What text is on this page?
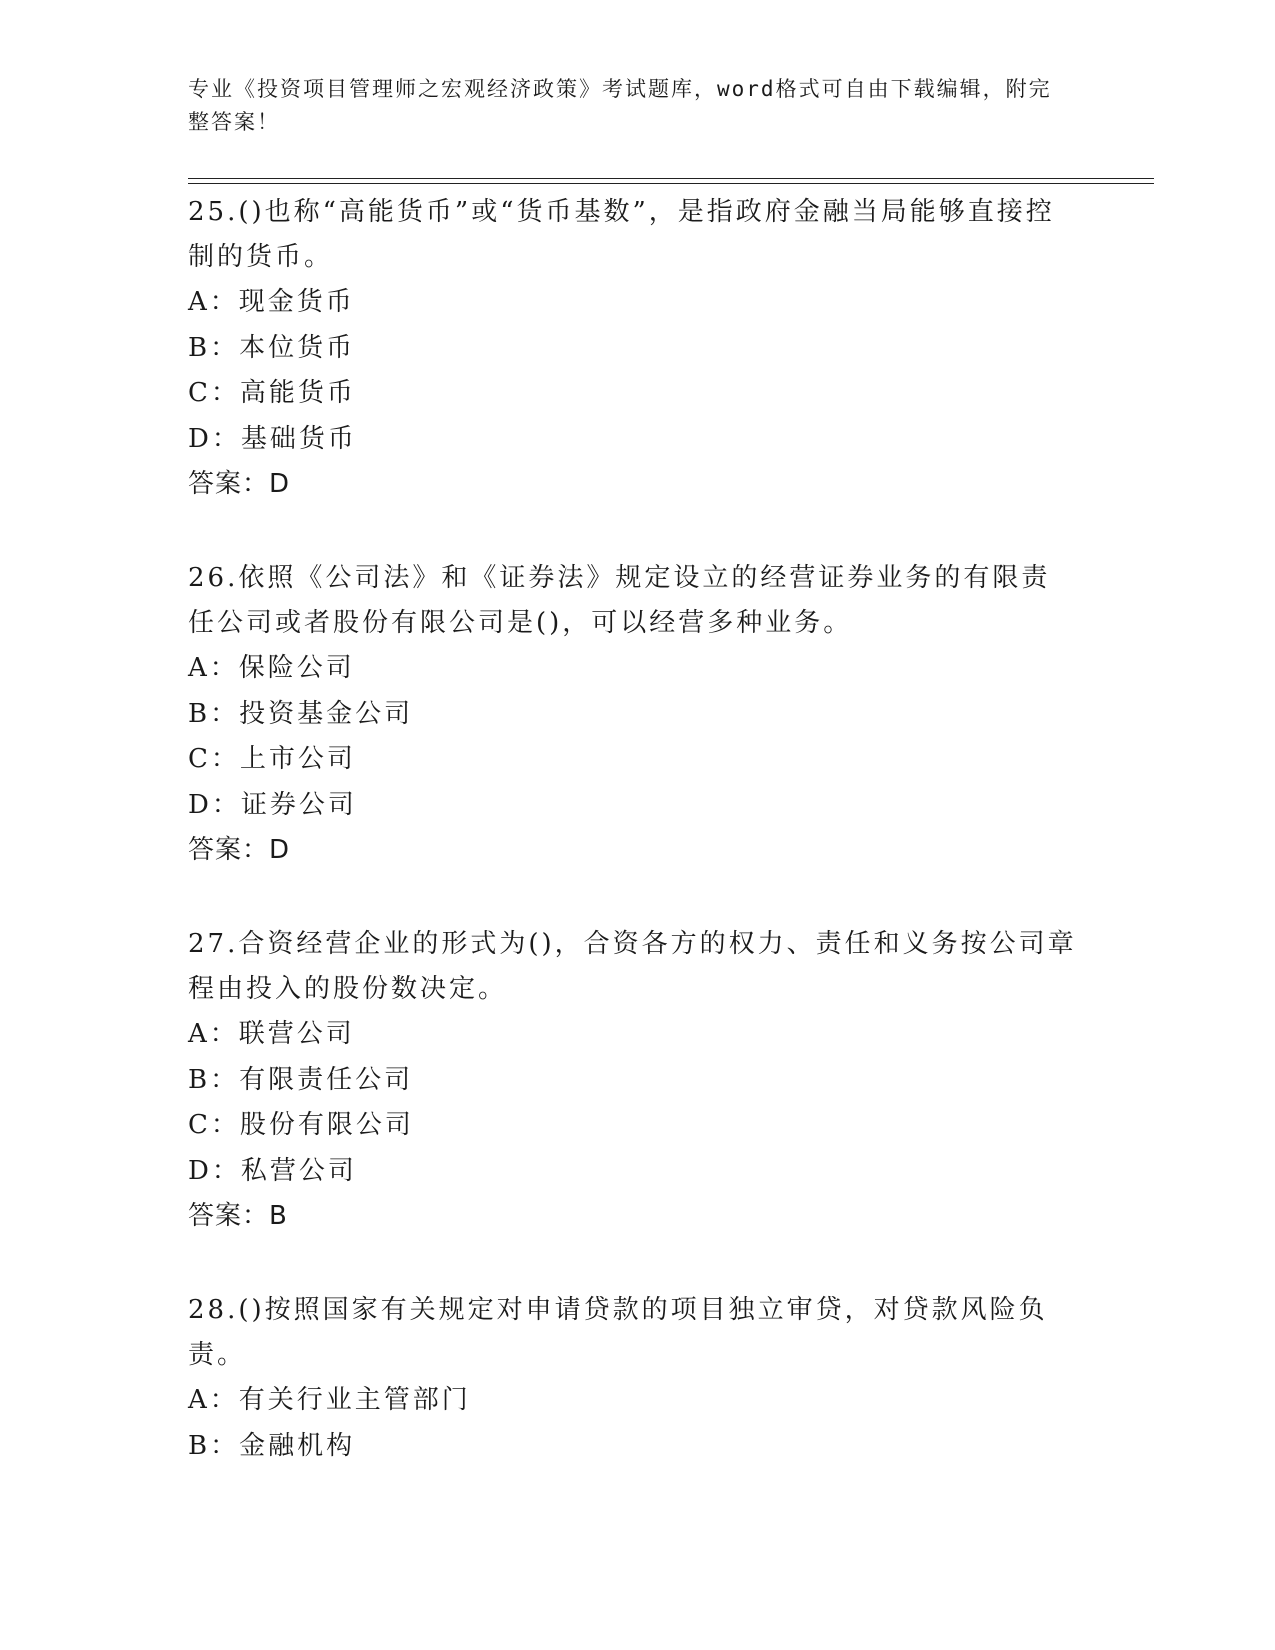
专业《投资项目管理师之宏观经济政策》考试题库，word格式可自由下载编辑，附完整答案！

25.()也称“高能货币”或“货币基数”，是指政府金融当局能够直接控制的货币。

A： 现金货币
B： 本位货币
C： 高能货币
D： 基础货币
答案：D

26.依照《公司法》和《证券法》规定设立的经营证券业务的有限责任公司或者股份有限公司是()，可以经营多种业务。

A： 保险公司
B： 投资基金公司
C： 上市公司
D： 证券公司
答案：D

27.合资经营企业的形式为()，合资各方的权力、责任和义务按公司章程由投入的股份数决定。

A： 联营公司
B： 有限责任公司
C： 股份有限公司
D： 私营公司
答案：B

28.()按照国家有关规定对申请贷款的项目独立审贷，对贷款风险负责。

A： 有关行业主管部门
B： 金融机构
